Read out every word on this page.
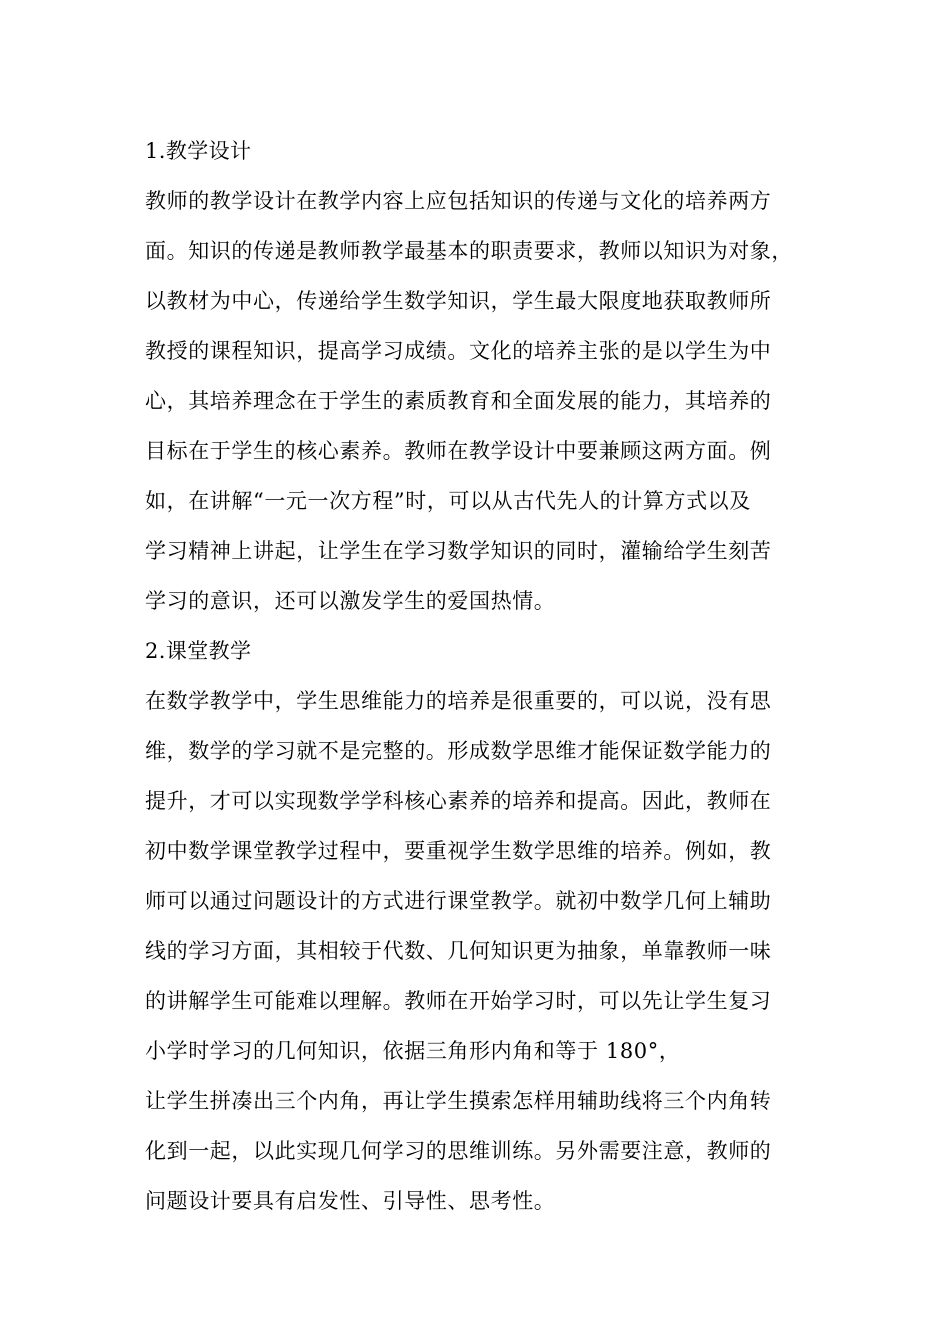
1.教学设计
教师的教学设计在教学内容上应包括知识的传递与文化的培养两方
面。知识的传递是教师教学最基本的职责要求，教师以知识为对象，
以教材为中心，传递给学生数学知识，学生最大限度地获取教师所
教授的课程知识，提高学习成绩。文化的培养主张的是以学生为中
心，其培养理念在于学生的素质教育和全面发展的能力，其培养的
目标在于学生的核心素养。教师在教学设计中要兼顾这两方面。例
如，在讲解“一元一次方程”时，可以从古代先人的计算方式以及
学习精神上讲起，让学生在学习数学知识的同时，灌输给学生刻苦
学习的意识，还可以激发学生的爱国热情。
2.课堂教学
在数学教学中，学生思维能力的培养是很重要的，可以说，没有思
维，数学的学习就不是完整的。形成数学思维才能保证数学能力的
提升，才可以实现数学学科核心素养的培养和提高。因此，教师在
初中数学课堂教学过程中，要重视学生数学思维的培养。例如，教
师可以通过问题设计的方式进行课堂教学。就初中数学几何上辅助
线的学习方面，其相较于代数、几何知识更为抽象，单靠教师一味
的讲解学生可能难以理解。教师在开始学习时，可以先让学生复习
小学时学习的几何知识，依据三角形内角和等于 180°，
让学生拼凑出三个内角，再让学生摸索怎样用辅助线将三个内角转
化到一起，以此实现几何学习的思维训练。另外需要注意，教师的
问题设计要具有启发性、引导性、思考性。
